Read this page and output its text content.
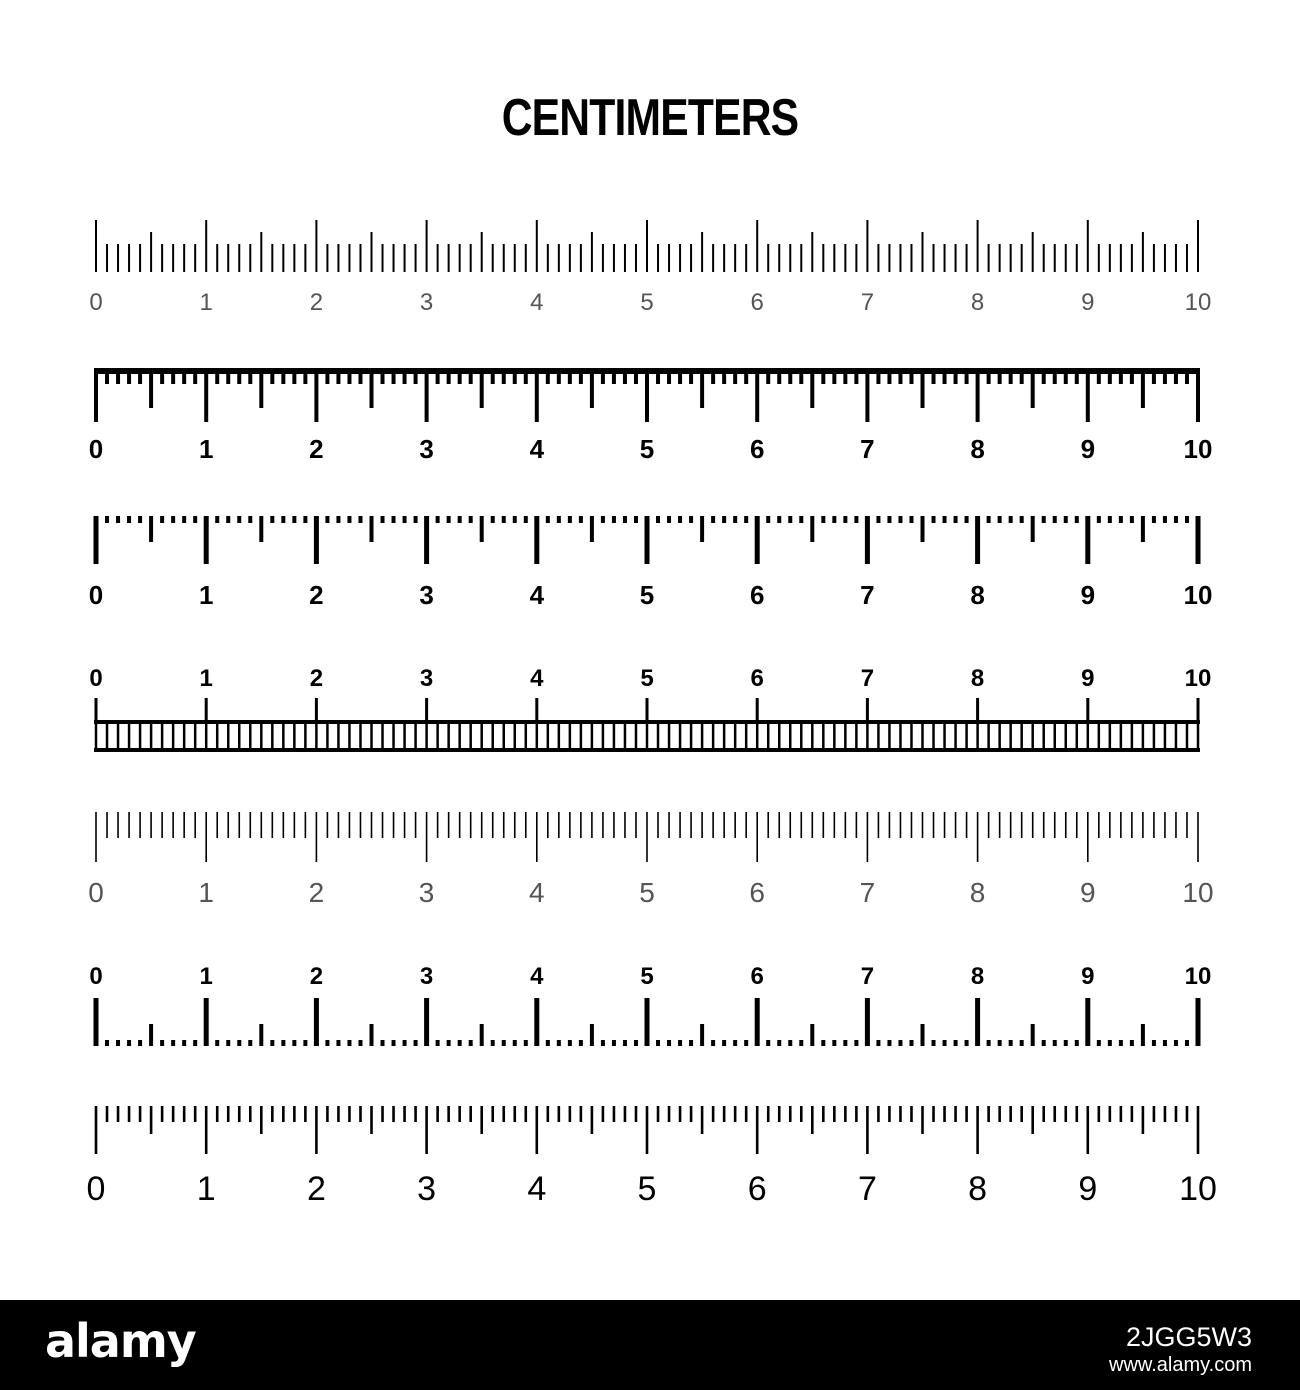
CENTIMETERS
0	1	2	3	4	5	6	7	8	9	10
0	1	2	3	4	5	6	7	8	9	10
0	1	2	3	4	5	6	7	8	9	10
0	1	2	3	4	5	6	7	8	9	10
0	1	2	3	4	5	6	7	8	9	10
0	1	2	3	4	5	6	7	8	9	10
0	1	2	3	4	5	6	7	8	9 10
alamy	2JGG5W3
www.alamy.com
